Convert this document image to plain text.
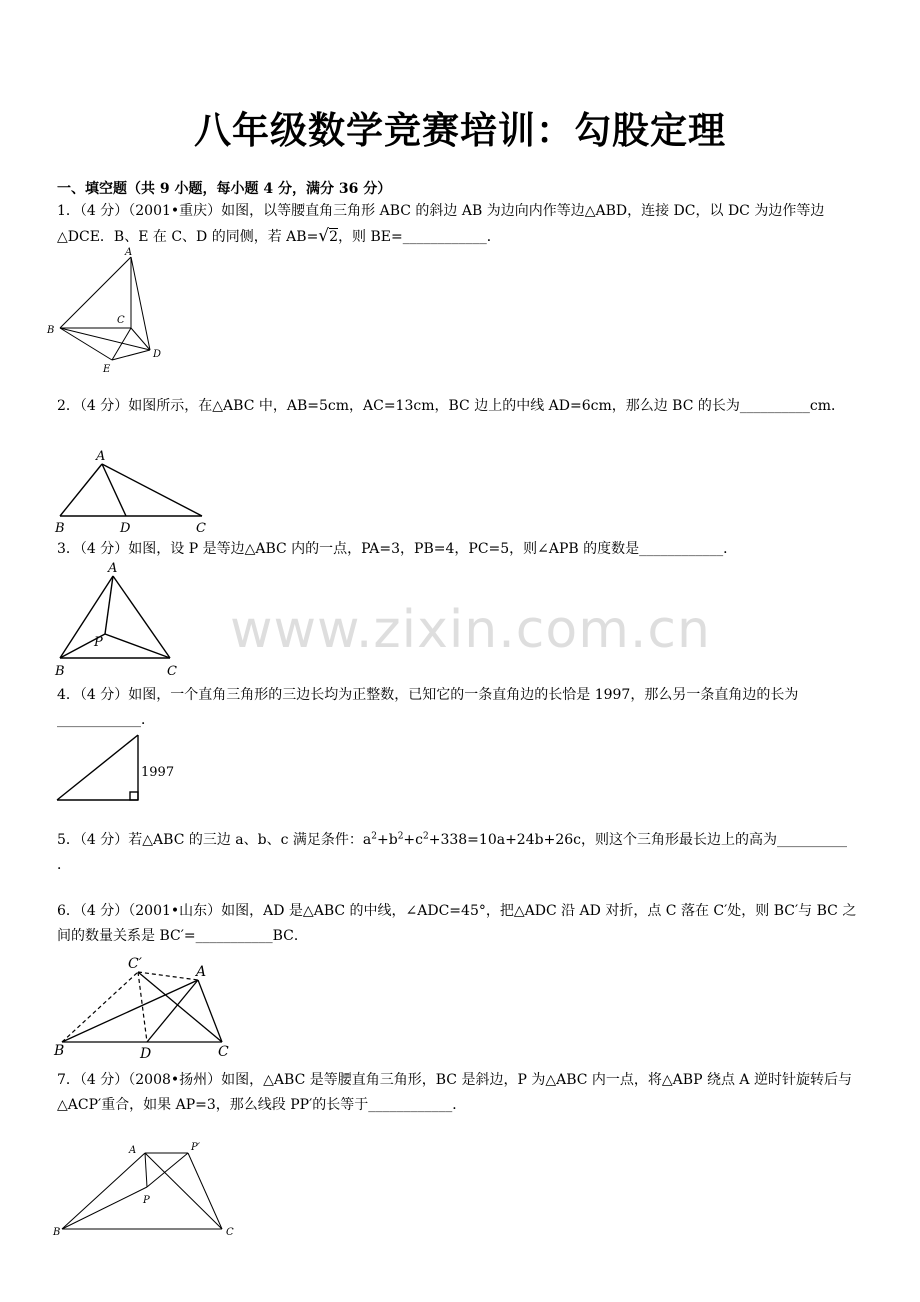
八年级数学竞赛培训：勾股定理
一、填空题（共 9 小题，每小题 4 分，满分 36 分）
www.zixin.com.cn
1．（4 分）（2001•重庆）如图，以等腰直角三角形 ABC 的斜边 AB 为边向内作等边△ABD，连接 DC，以 DC 为边作等边△DCE．B、E 在 C、D 的同侧，若 AB=√2，则 BE=____________．
A
B
C
D
E
2．（4 分）如图所示，在△ABC 中，AB=5cm，AC=13cm，BC 边上的中线 AD=6cm，那么边 BC 的长为__________cm．
A
B	D	C
3．（4 分）如图，设 P 是等边△ABC 内的一点，PA=3，PB=4，PC=5，则∠APB 的度数是____________．
A
P
B	C
4．（4 分）如图，一个直角三角形的三边长均为正整数，已知它的一条直角边的长恰是 1997，那么另一条直角边的长为____________．
1997
5．（4 分）若△ABC 的三边 a、b、c 满足条件：$a^2+b^2+c^2+338=10a+24b+26c$，则这个三角形最长边上的高为__________
．
6．（4 分）（2001•山东）如图，AD 是△ABC 的中线，∠ADC=45°，把△ADC 沿 AD 对折，点 C 落在 C′处，则 BC′与 BC 之间的数量关系是 BC′=___________BC．
C′	A
B	D	C
7．（4 分）（2008•扬州）如图，△ABC 是等腰直角三角形，BC 是斜边，P 为△ABC 内一点，将△ABP 绕点 A 逆时针旋转后与△ACP′重合，如果 AP=3，那么线段 PP′的长等于____________．
A	P′
P
B	C
